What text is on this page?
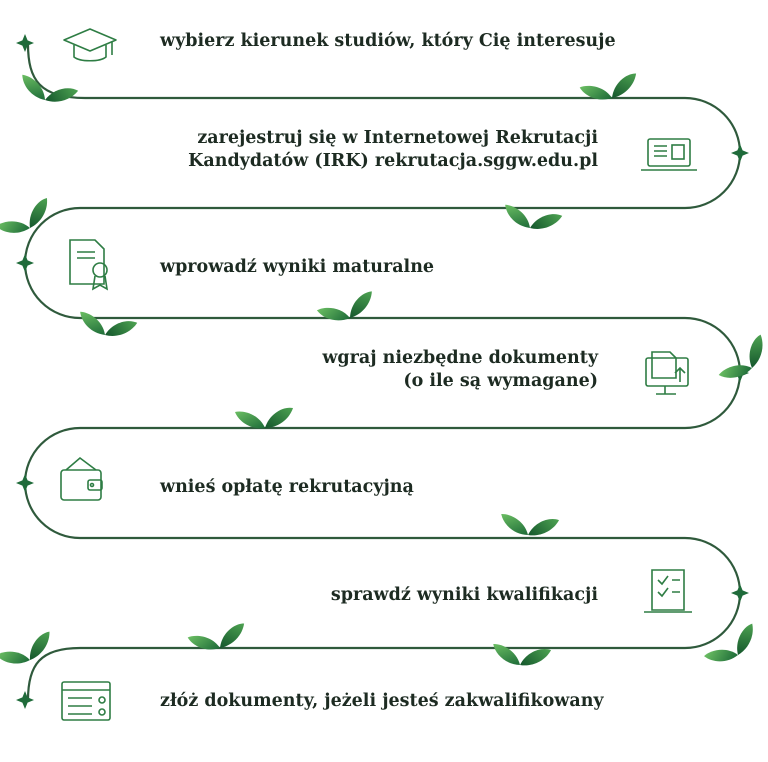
wybierz kierunek studiów, który Cię interesuje
zarejestruj się w Internetowej Rekrutacji
Kandydatów (IRK) rekrutacja.sggw.edu.pl
wprowadź wyniki maturalne
wgraj niezbędne dokumenty
(o ile są wymagane)
wnieś opłatę rekrutacyjną
sprawdź wyniki kwalifikacji
złóż dokumenty, jeżeli jesteś zakwalifikowany
